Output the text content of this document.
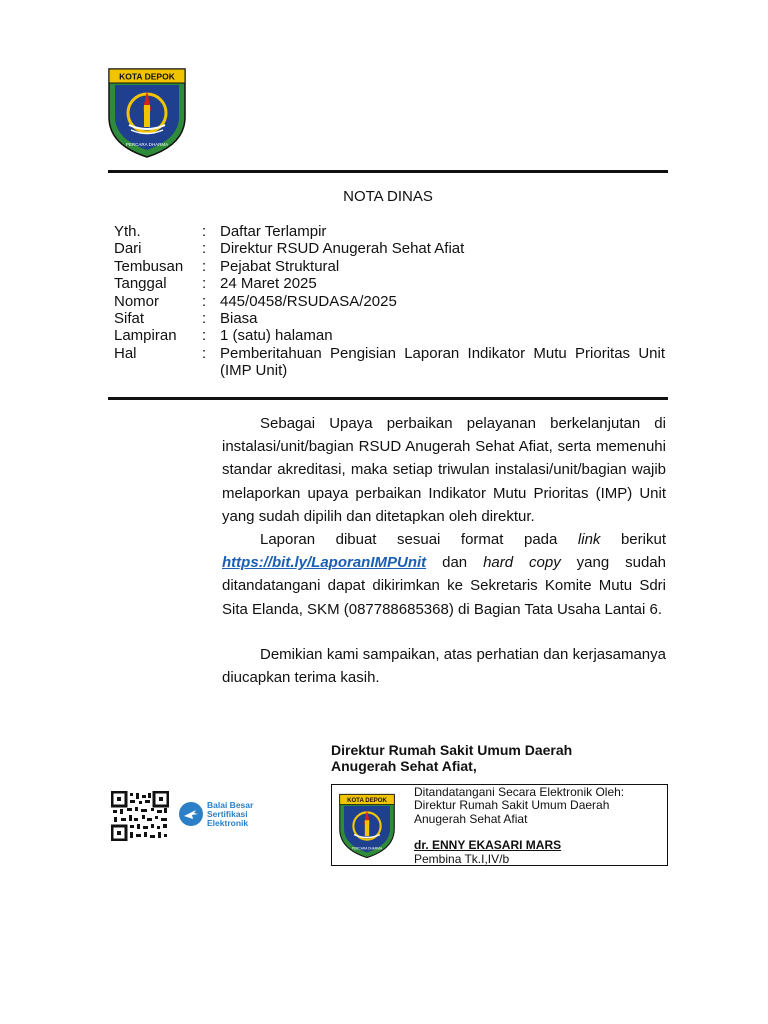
KOTA DEPOK
PERCARA DHARMA
NOTA DINAS
Yth.	: Daftar Terlampir
Dari	: Direktur RSUD Anugerah Sehat Afiat
Tembusan	: Pejabat Struktural
Tanggal	: 24 Maret 2025
Nomor	: 445/0458/RSUDASA/2025
Sifat	: Biasa
Lampiran	: 1 (satu) halaman
Hal	: Pemberitahuan Pengisian Laporan Indikator Mutu Prioritas Unit (IMP Unit)

Sebagai Upaya perbaikan pelayanan berkelanjutan di instalasi/unit/bagian RSUD Anugerah Sehat Afiat, serta memenuhi standar akreditasi, maka setiap triwulan instalasi/unit/bagian wajib melaporkan upaya perbaikan Indikator Mutu Prioritas (IMP) Unit yang sudah dipilih dan ditetapkan oleh direktur.

Laporan dibuat sesuai format pada link berikut https://bit.ly/LaporanIMPUnit dan hard copy yang sudah ditandatangani dapat dikirimkan ke Sekretaris Komite Mutu Sdri Sita Elanda, SKM (087788685368) di Bagian Tata Usaha Lantai 6.

Demikian kami sampaikan, atas perhatian dan kerjasamanya diucapkan terima kasih.

Direktur Rumah Sakit Umum Daerah
Anugerah Sehat Afiat,
KOTA DEPOK
PERCARA DHARMA
Ditandatangani Secara Elektronik Oleh:
Direktur Rumah Sakit Umum Daerah
Anugerah Sehat Afiat
dr. ENNY EKASARI MARS
Pembina Tk.I,IV/b
Balai Besar
Sertifikasi
Elektronik
